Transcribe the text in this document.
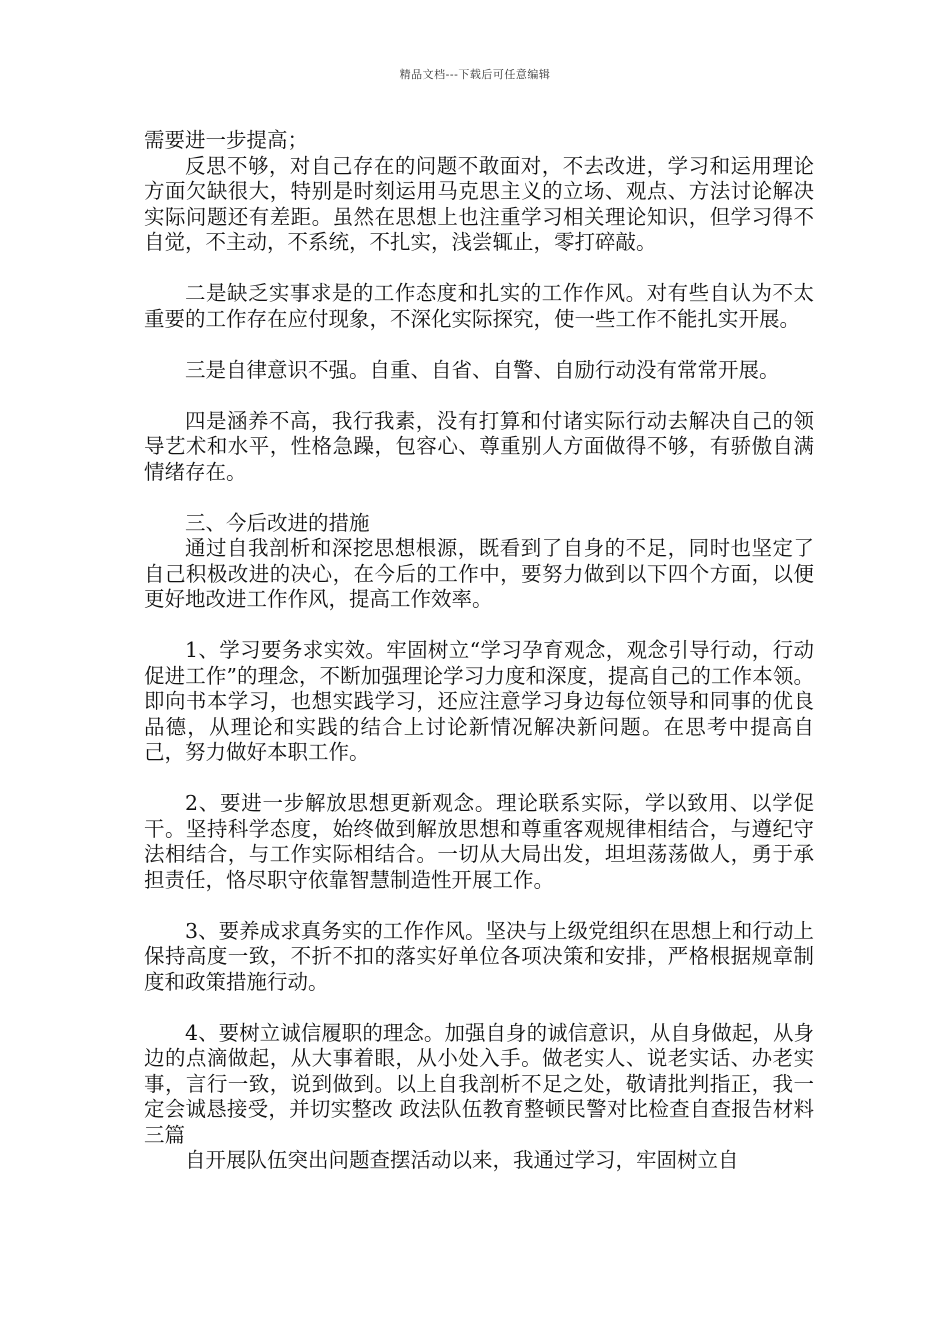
精品文档---下载后可任意编辑

需要进一步提高；

反思不够，对自己存在的问题不敢面对，不去改进，学习和运用理论方面欠缺很大，特别是时刻运用马克思主义的立场、观点、方法讨论解决实际问题还有差距。虽然在思想上也注重学习相关理论知识，但学习得不自觉，不主动，不系统，不扎实，浅尝辄止，零打碎敲。

二是缺乏实事求是的工作态度和扎实的工作作风。对有些自认为不太重要的工作存在应付现象，不深化实际探究，使一些工作不能扎实开展。

三是自律意识不强。自重、自省、自警、自励行动没有常常开展。

四是涵养不高，我行我素，没有打算和付诸实际行动去解决自己的领导艺术和水平，性格急躁，包容心、尊重别人方面做得不够，有骄傲自满情绪存在。

三、今后改进的措施

通过自我剖析和深挖思想根源，既看到了自身的不足，同时也坚定了自己积极改进的决心，在今后的工作中，要努力做到以下四个方面，以便更好地改进工作作风，提高工作效率。

1、学习要务求实效。牢固树立“学习孕育观念，观念引导行动，行动促进工作”的理念，不断加强理论学习力度和深度，提高自己的工作本领。即向书本学习，也想实践学习，还应注意学习身边每位领导和同事的优良品德，从理论和实践的结合上讨论新情况解决新问题。在思考中提高自己，努力做好本职工作。

2、要进一步解放思想更新观念。理论联系实际，学以致用、以学促干。坚持科学态度，始终做到解放思想和尊重客观规律相结合，与遵纪守法相结合，与工作实际相结合。一切从大局出发，坦坦荡荡做人，勇于承担责任，恪尽职守依靠智慧制造性开展工作。

3、要养成求真务实的工作作风。坚决与上级党组织在思想上和行动上保持高度一致，不折不扣的落实好单位各项决策和安排，严格根据规章制度和政策措施行动。

4、要树立诚信履职的理念。加强自身的诚信意识，从自身做起，从身边的点滴做起，从大事着眼，从小处入手。做老实人、说老实话、办老实事，言行一致，说到做到。以上自我剖析不足之处，敬请批判指正，我一定会诚恳接受，并切实整改 政法队伍教育整顿民警对比检查自查报告材料三篇

自开展队伍突出问题查摆活动以来，我通过学习，牢固树立自
